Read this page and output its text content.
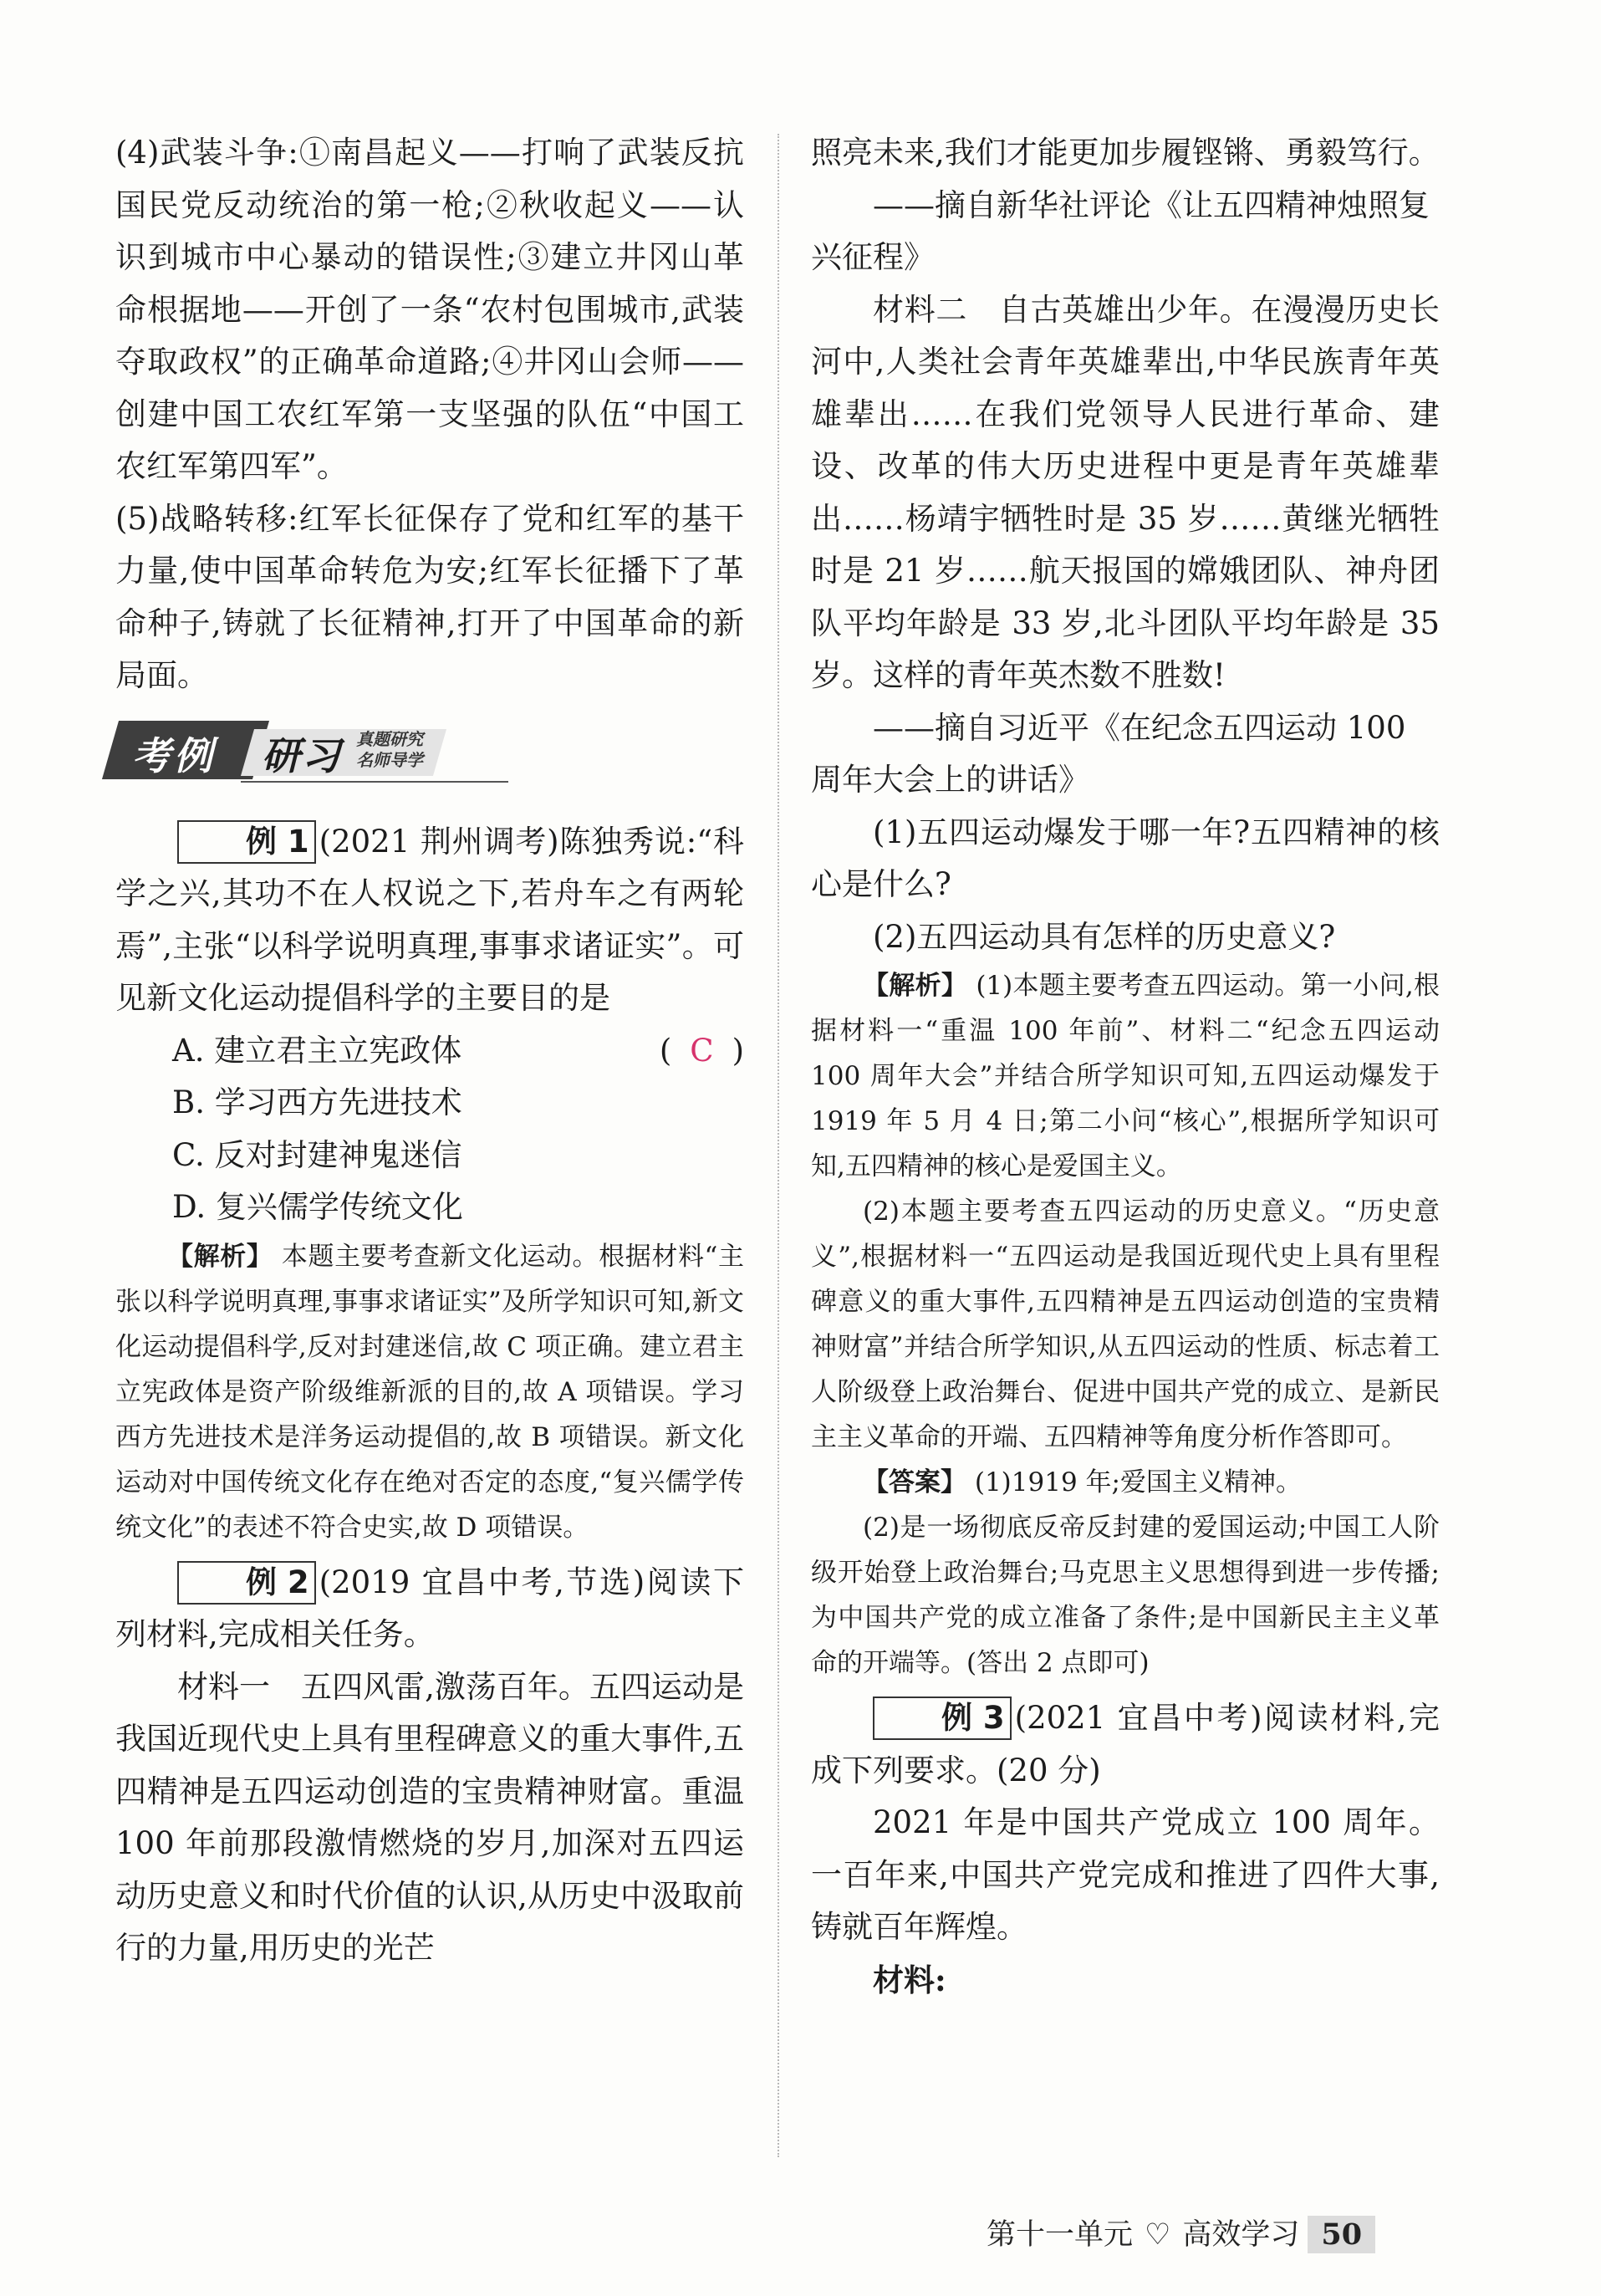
(4)武装斗争:①南昌起义——打响了武装反抗国民党反动统治的第一枪;②秋收起义——认识到城市中心暴动的错误性;③建立井冈山革命根据地——开创了一条“农村包围城市,武装夺取政权”的正确革命道路;④井冈山会师——创建中国工农红军第一支坚强的队伍“中国工农红军第四军”。

(5)战略转移:红军长征保存了党和红军的基干力量,使中国革命转危为安;红军长征播下了革命种子,铸就了长征精神,打开了中国革命的新局面。

考例 研习 真题研究
名师导学

例 1 (2021 荆州调考)陈独秀说:“科学之兴,其功不在人权说之下,若舟车之有两轮焉”,主张“以科学说明真理,事事求诸证实”。可见新文化运动提倡科学的主要目的是
( C )

A. 建立君主立宪政体

B. 学习西方先进技术

C. 反对封建神鬼迷信

D. 复兴儒学传统文化

【解析】 本题主要考查新文化运动。根据材料“主张以科学说明真理,事事求诸证实”及所学知识可知,新文化运动提倡科学,反对封建迷信,故 C 项正确。建立君主立宪政体是资产阶级维新派的目的,故 A 项错误。学习西方先进技术是洋务运动提倡的,故 B 项错误。新文化运动对中国传统文化存在绝对否定的态度,“复兴儒学传统文化”的表述不符合史实,故 D 项错误。

例 2 (2019 宜昌中考,节选)阅读下列材料,完成相关任务。

材料一　五四风雷,激荡百年。五四运动是我国近现代史上具有里程碑意义的重大事件,五四精神是五四运动创造的宝贵精神财富。重温 100 年前那段激情燃烧的岁月,加深对五四运动历史意义和时代价值的认识,从历史中汲取前行的力量,用历史的光芒

照亮未来,我们才能更加步履铿锵、勇毅笃行。

——摘自新华社评论《让五四精神烛照复兴征程》

材料二　自古英雄出少年。在漫漫历史长河中,人类社会青年英雄辈出,中华民族青年英雄辈出……在我们党领导人民进行革命、建设、改革的伟大历史进程中更是青年英雄辈出……杨靖宇牺牲时是 35 岁……黄继光牺牲时是 21 岁……航天报国的嫦娥团队、神舟团队平均年龄是 33 岁,北斗团队平均年龄是 35 岁。这样的青年英杰数不胜数!

——摘自习近平《在纪念五四运动 100 周年大会上的讲话》

(1)五四运动爆发于哪一年?五四精神的核心是什么?

(2)五四运动具有怎样的历史意义?

【解析】 (1)本题主要考查五四运动。第一小问,根据材料一“重温 100 年前”、材料二“纪念五四运动 100 周年大会”并结合所学知识可知,五四运动爆发于 1919 年 5 月 4 日;第二小问“核心”,根据所学知识可知,五四精神的核心是爱国主义。

(2)本题主要考查五四运动的历史意义。“历史意义”,根据材料一“五四运动是我国近现代史上具有里程碑意义的重大事件,五四精神是五四运动创造的宝贵精神财富”并结合所学知识,从五四运动的性质、标志着工人阶级登上政治舞台、促进中国共产党的成立、是新民主主义革命的开端、五四精神等角度分析作答即可。

【答案】 (1)1919 年;爱国主义精神。

(2)是一场彻底反帝反封建的爱国运动;中国工人阶级开始登上政治舞台;马克思主义思想得到进一步传播;为中国共产党的成立准备了条件;是中国新民主主义革命的开端等。(答出 2 点即可)

例 3 (2021 宜昌中考)阅读材料,完成下列要求。(20 分)

2021 年是中国共产党成立 100 周年。一百年来,中国共产党完成和推进了四件大事,铸就百年辉煌。

材料:

第十一单元 ♡ 高效学习 50
